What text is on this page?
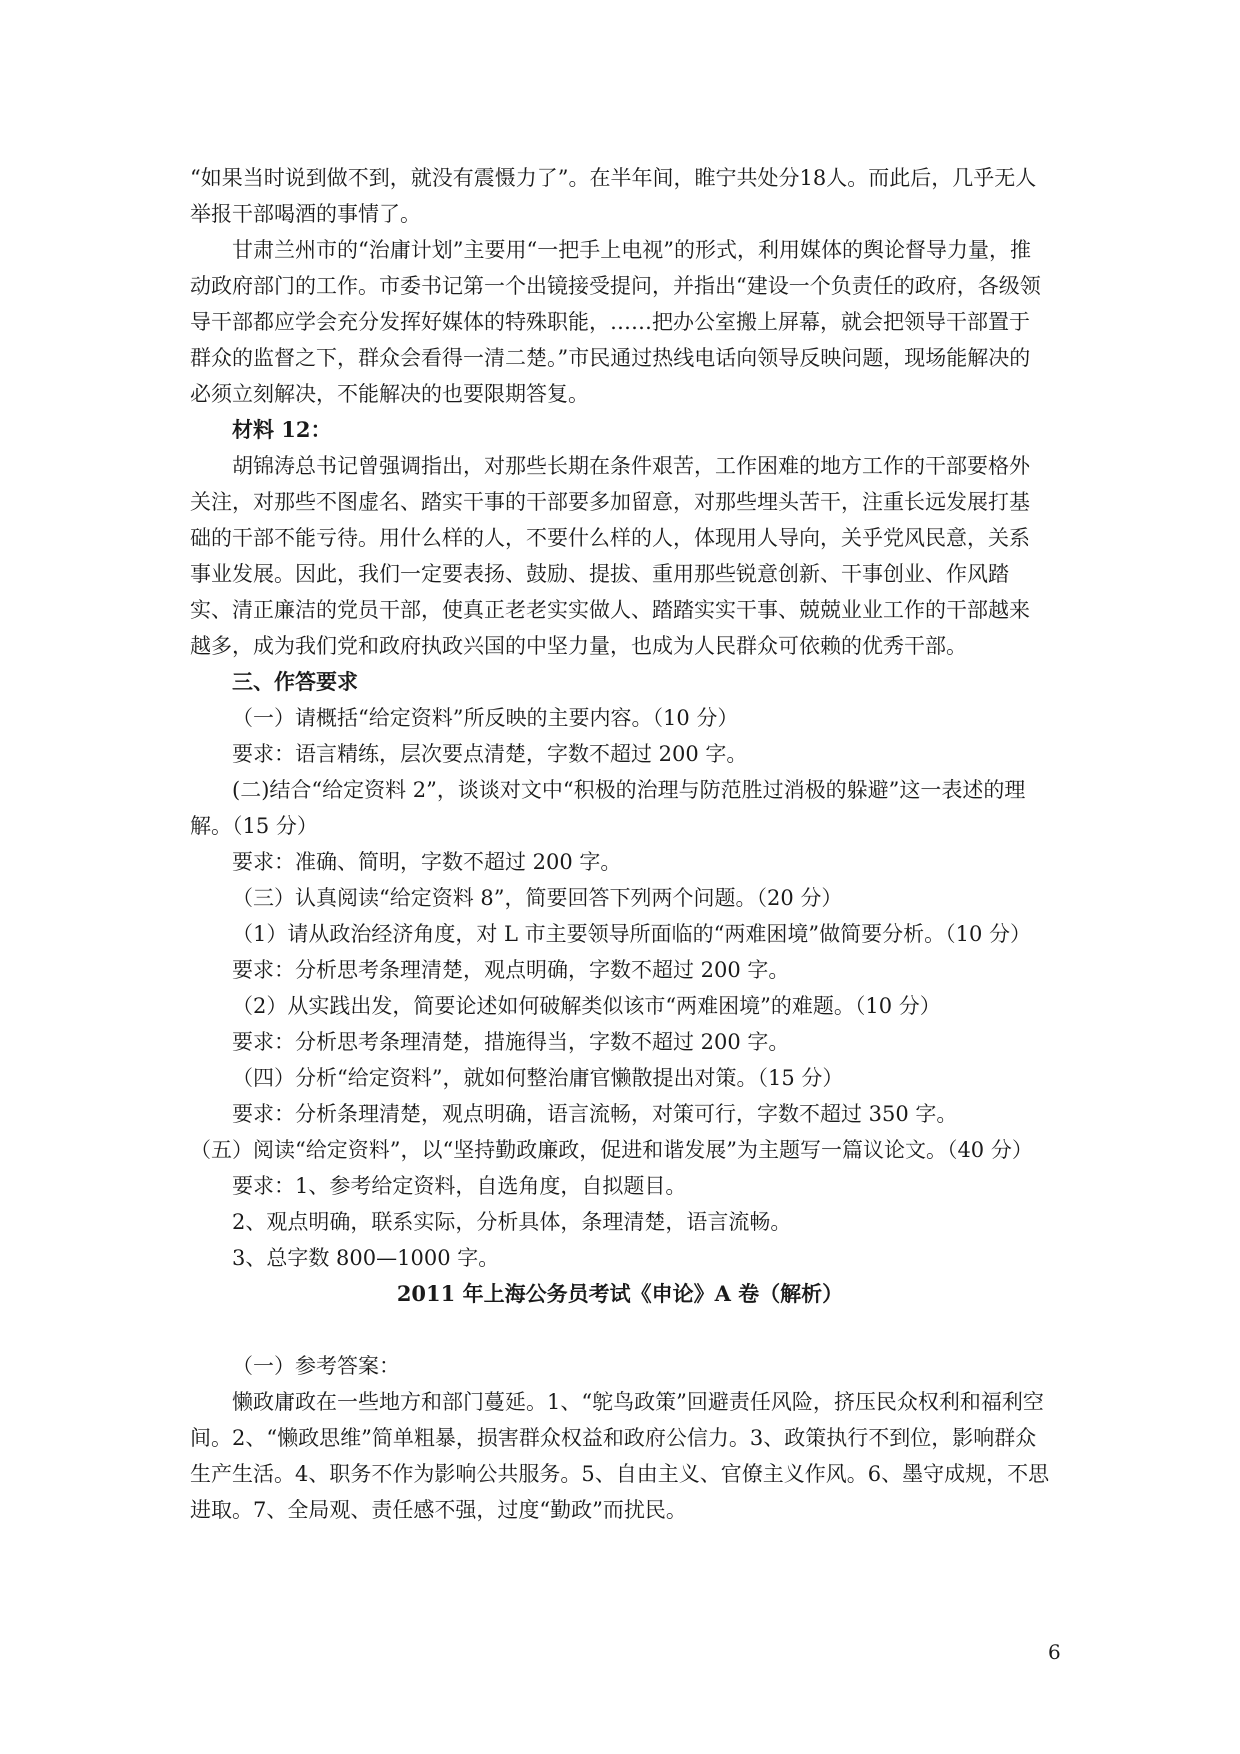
“如果当时说到做不到，就没有震慑力了”。在半年间，睢宁共处分18人。而此后，几乎无人举报干部喝酒的事情了。

甘肃兰州市的“治庸计划”主要用“一把手上电视”的形式，利用媒体的舆论督导力量，推动政府部门的工作。市委书记第一个出镜接受提问，并指出“建设一个负责任的政府，各级领导干部都应学会充分发挥好媒体的特殊职能，……把办公室搬上屏幕，就会把领导干部置于群众的监督之下，群众会看得一清二楚。”市民通过热线电话向领导反映问题，现场能解决的必须立刻解决，不能解决的也要限期答复。

材料 12：

胡锦涛总书记曾强调指出，对那些长期在条件艰苦，工作困难的地方工作的干部要格外关注，对那些不图虚名、踏实干事的干部要多加留意，对那些埋头苦干，注重长远发展打基础的干部不能亏待。用什么样的人，不要什么样的人，体现用人导向，关乎党风民意，关系事业发展。因此，我们一定要表扬、鼓励、提拔、重用那些锐意创新、干事创业、作风踏实、清正廉洁的党员干部，使真正老老实实做人、踏踏实实干事、兢兢业业工作的干部越来越多，成为我们党和政府执政兴国的中坚力量，也成为人民群众可依赖的优秀干部。

三、作答要求

（一）请概括“给定资料”所反映的主要内容。（10 分）

要求：语言精练，层次要点清楚，字数不超过 200 字。

(二)结合“给定资料 2”，谈谈对文中“积极的治理与防范胜过消极的躲避”这一表述的理解。（15 分）

要求：准确、简明，字数不超过 200 字。

（三）认真阅读“给定资料 8”，简要回答下列两个问题。（20 分）

（1）请从政治经济角度，对 L 市主要领导所面临的“两难困境”做简要分析。（10 分）

要求：分析思考条理清楚，观点明确，字数不超过 200 字。

（2）从实践出发，简要论述如何破解类似该市“两难困境”的难题。（10 分）

要求：分析思考条理清楚，措施得当，字数不超过 200 字。

（四）分析“给定资料”，就如何整治庸官懒散提出对策。（15 分）

要求：分析条理清楚，观点明确，语言流畅，对策可行，字数不超过 350 字。

（五）阅读“给定资料”，以“坚持勤政廉政，促进和谐发展”为主题写一篇议论文。（40 分）

要求：1、参考给定资料，自选角度，自拟题目。

2、观点明确，联系实际，分析具体，条理清楚，语言流畅。

3、总字数 800—1000 字。

2011 年上海公务员考试《申论》A 卷（解析）

（一）参考答案：

懒政庸政在一些地方和部门蔓延。1、“鸵鸟政策”回避责任风险，挤压民众权利和福利空间。2、“懒政思维”简单粗暴，损害群众权益和政府公信力。3、政策执行不到位，影响群众生产生活。4、职务不作为影响公共服务。5、自由主义、官僚主义作风。6、墨守成规，不思进取。7、全局观、责任感不强，过度“勤政”而扰民。

6
